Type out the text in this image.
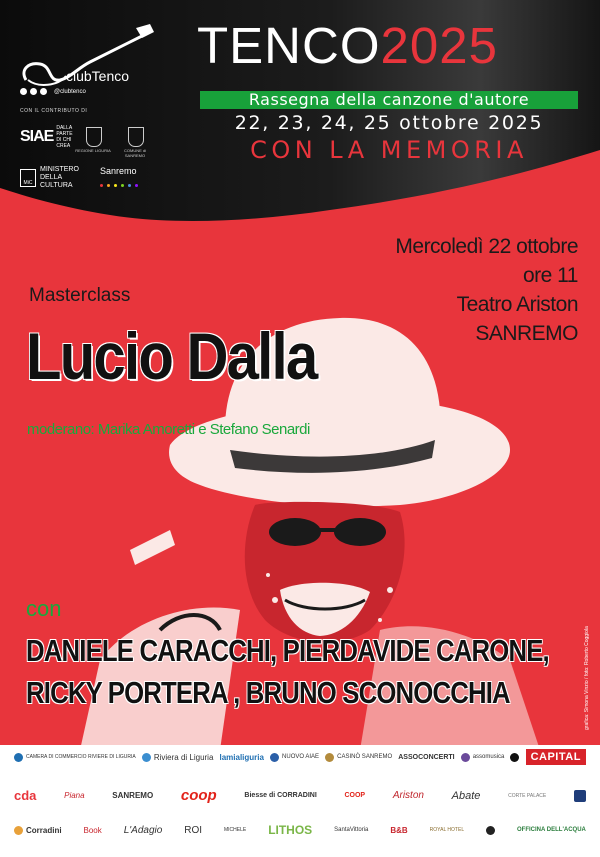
clubTenco
@clubtenco
CON IL CONTRIBUTO DI
SIAE DALLA
PARTE
DI CHI
CREA
REGIONE LIGURIA	COMUNE di SANREMO
MiC
MINISTERO
DELLA
CULTURA
Sanremo
TENCO2025
Rassegna della canzone d'autore
22, 23, 24, 25 ottobre 2025
CON LA MEMORIA
Mercoledì 22 ottobre
ore 11
Teatro Ariston
SANREMO
Masterclass
Lucio Dalla
moderano: Marika Amoretti e Stefano Senardi
con
DANIELE CARACCHI, PIERDAVIDE CARONE,
RICKY PORTERA , BRUNO SCONOCCHIA	grafica: Simona Vinzio / foto: Roberto Coggiola
CAMERA DI COMMERCIO RIVIERE DI LIGURIA Riviera di Liguria lamialiguria	NUOVO AIAE	CASINÒ SANREMO ASSOCONCERTI	assomusica	CAPITAL
cda	Piana	SANREMO coop	Biesse di CORRADINI	COOP	Ariston	Abate	CORTE PALACE
Corradini	Book L'Adagio ROI	MICHELE LITHOS	SantaVittoria	B&B	ROYAL HOTEL	OFFICINA DELL'ACQUA
